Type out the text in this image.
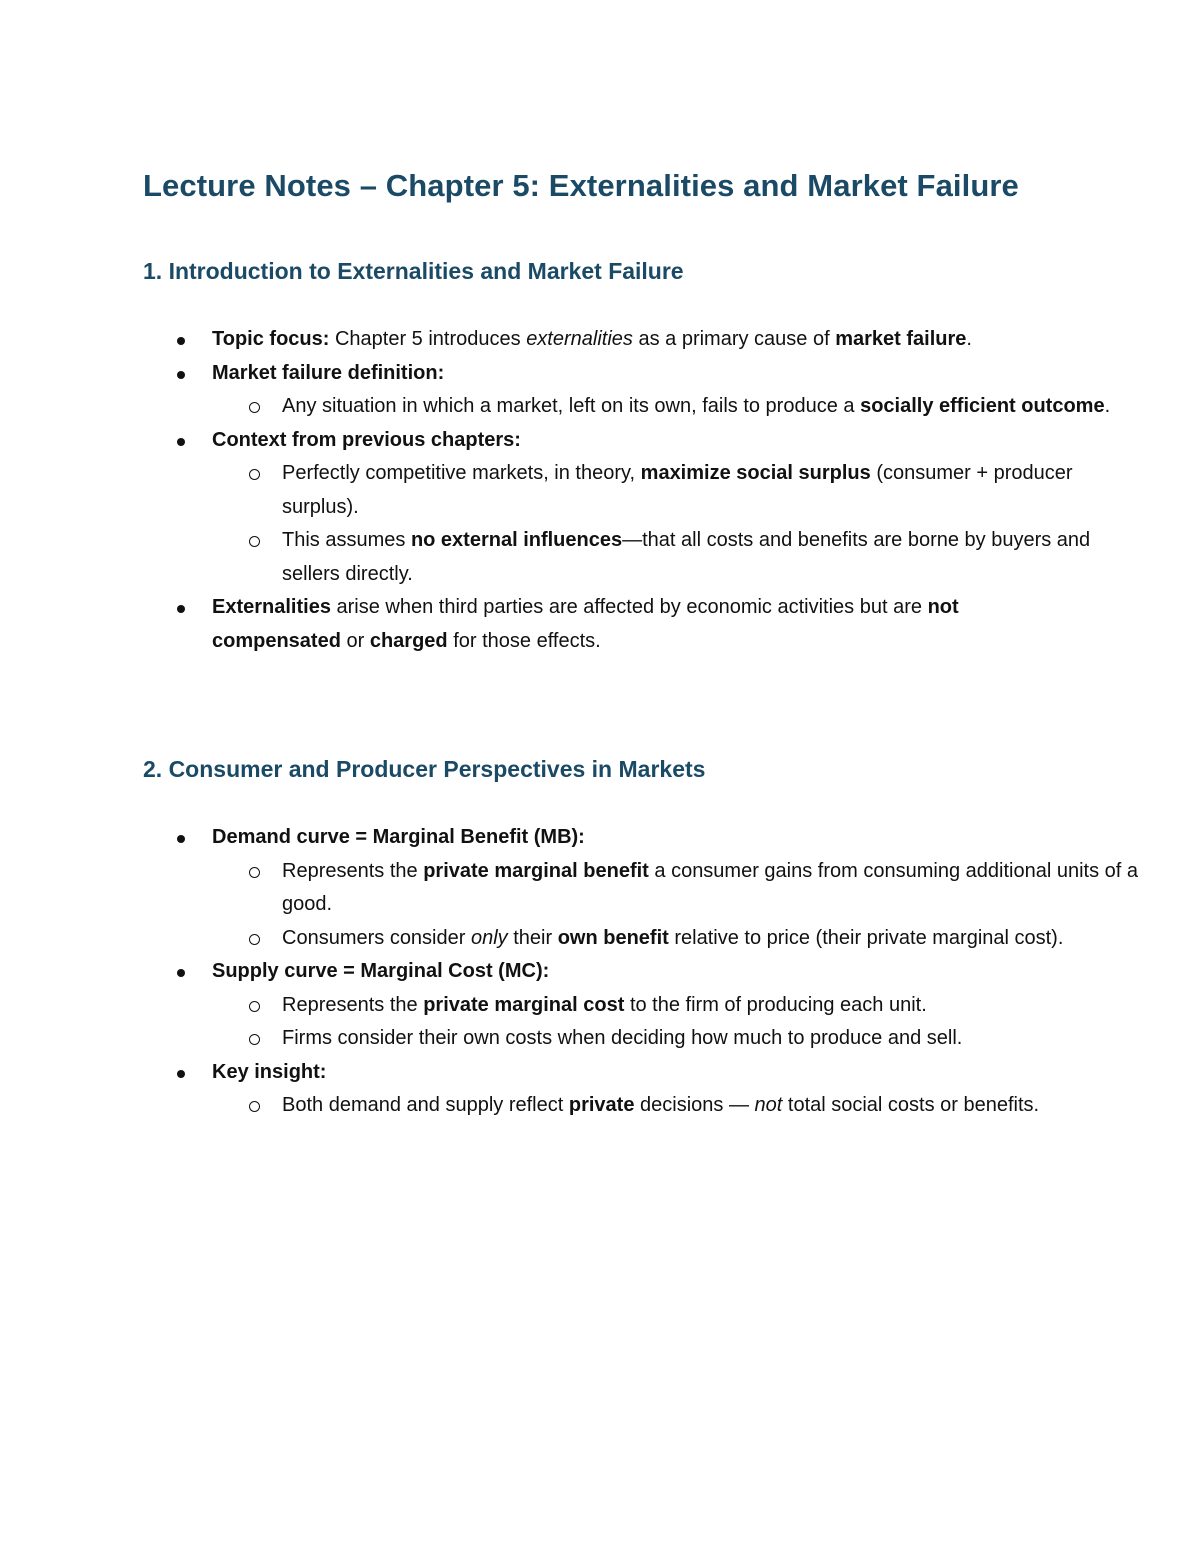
Lecture Notes – Chapter 5: Externalities and Market Failure
1. Introduction to Externalities and Market Failure
Topic focus: Chapter 5 introduces externalities as a primary cause of market failure.
Market failure definition:
Any situation in which a market, left on its own, fails to produce a socially efficient outcome.
Context from previous chapters:
Perfectly competitive markets, in theory, maximize social surplus (consumer + producer surplus).
This assumes no external influences—that all costs and benefits are borne by buyers and sellers directly.
Externalities arise when third parties are affected by economic activities but are not compensated or charged for those effects.
2. Consumer and Producer Perspectives in Markets
Demand curve = Marginal Benefit (MB):
Represents the private marginal benefit a consumer gains from consuming additional units of a good.
Consumers consider only their own benefit relative to price (their private marginal cost).
Supply curve = Marginal Cost (MC):
Represents the private marginal cost to the firm of producing each unit.
Firms consider their own costs when deciding how much to produce and sell.
Key insight:
Both demand and supply reflect private decisions — not total social costs or benefits.
